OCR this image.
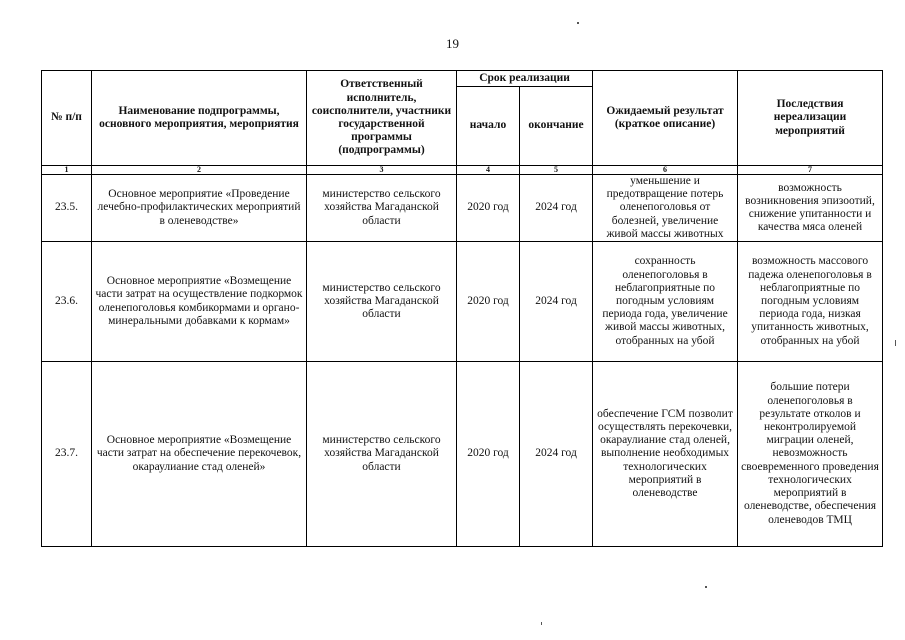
19
№ п/п	Наименование подпрограммы, основного мероприятия, мероприятия	Ответственный исполнитель, соисполнители, участники государственной программы (подпрограммы)	Срок реализации		Ожидаемый результат (краткое описание)	Последствия нереализации мероприятий
			начало	окончание		
1	2	3	4	5	6	7
23.5.	Основное мероприятие «Проведение лечебно-профилактических мероприятий в оленеводстве»	министерство сельского хозяйства Магаданской области	2020 год	2024 год	уменьшение и предотвращение потерь оленепоголовья от болезней, увеличение живой массы животных	возможность возникновения эпизоотий, снижение упитанности и качества мяса оленей
23.6.	Основное мероприятие «Возмещение части затрат на осуществление подкормок оленепоголовья комбикормами и органо-минеральными добавками к кормам»	министерство сельского хозяйства Магаданской области	2020 год	2024 год	сохранность оленепоголовья в неблагоприятные по погодным условиям периода года, увеличение живой массы животных, отобранных на убой	возможность массового падежа оленепоголовья в неблагоприятные по погодным условиям периода года, низкая упитанность животных, отобранных на убой
23.7.	Основное мероприятие «Возмещение части затрат на обеспечение перекочевок, окараулиание стад оленей»	министерство сельского хозяйства Магаданской области	2020 год	2024 год	обеспечение ГСМ позволит осуществлять перекочевки, окараулиание стад оленей, выполнение необходимых технологических мероприятий в оленеводстве	большие потери оленепоголовья в результате отколов и неконтролируемой миграции оленей, невозможность своевременного проведения технологических мероприятий в оленеводстве, обеспечения оленеводов ТМЦ
